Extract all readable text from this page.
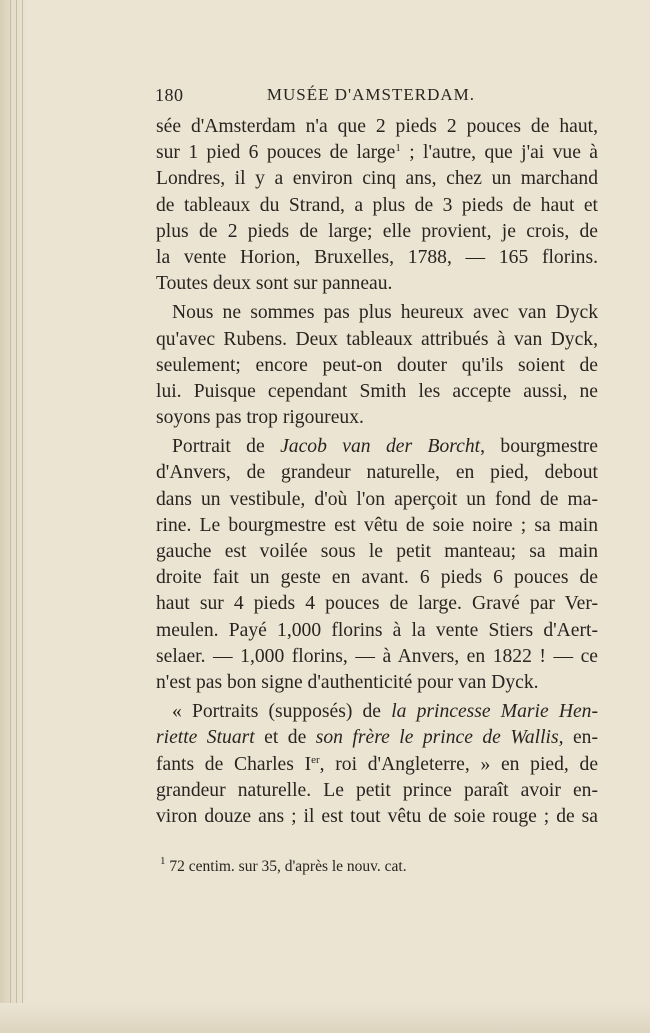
180	MUSÉE D'AMSTERDAM.
sée d'Amsterdam n'a que 2 pieds 2 pouces de haut,
sur 1 pied 6 pouces de large$^1$ ; l'autre, que j'ai vue à
Londres, il y a environ cinq ans, chez un marchand
de tableaux du Strand, a plus de 3 pieds de haut et
plus de 2 pieds de large; elle provient, je crois, de
la vente Horion, Bruxelles, 1788, — 165 florins.
Toutes deux sont sur panneau.
Nous ne sommes pas plus heureux avec van Dyck
qu'avec Rubens. Deux tableaux attribués à van Dyck,
seulement; encore peut-on douter qu'ils soient de
lui. Puisque cependant Smith les accepte aussi, ne
soyons pas trop rigoureux.
Portrait de Jacob van der Borcht, bourgmestre
d'Anvers, de grandeur naturelle, en pied, debout
dans un vestibule, d'où l'on aperçoit un fond de ma-
rine. Le bourgmestre est vêtu de soie noire ; sa main
gauche est voilée sous le petit manteau; sa main
droite fait un geste en avant. 6 pieds 6 pouces de
haut sur 4 pieds 4 pouces de large. Gravé par Ver-
meulen. Payé 1,000 florins à la vente Stiers d'Aert-
selaer. — 1,000 florins, — à Anvers, en 1822 ! — ce
n'est pas bon signe d'authenticité pour van Dyck.
« Portraits (supposés) de la princesse Marie Hen-
riette Stuart et de son frère le prince de Wallis, en-
fants de Charles Ier, roi d'Angleterre, » en pied, de
grandeur naturelle. Le petit prince paraît avoir en-
viron douze ans ; il est tout vêtu de soie rouge ; de sa
$^1$ 72 centim. sur 35, d'après le nouv. cat.
